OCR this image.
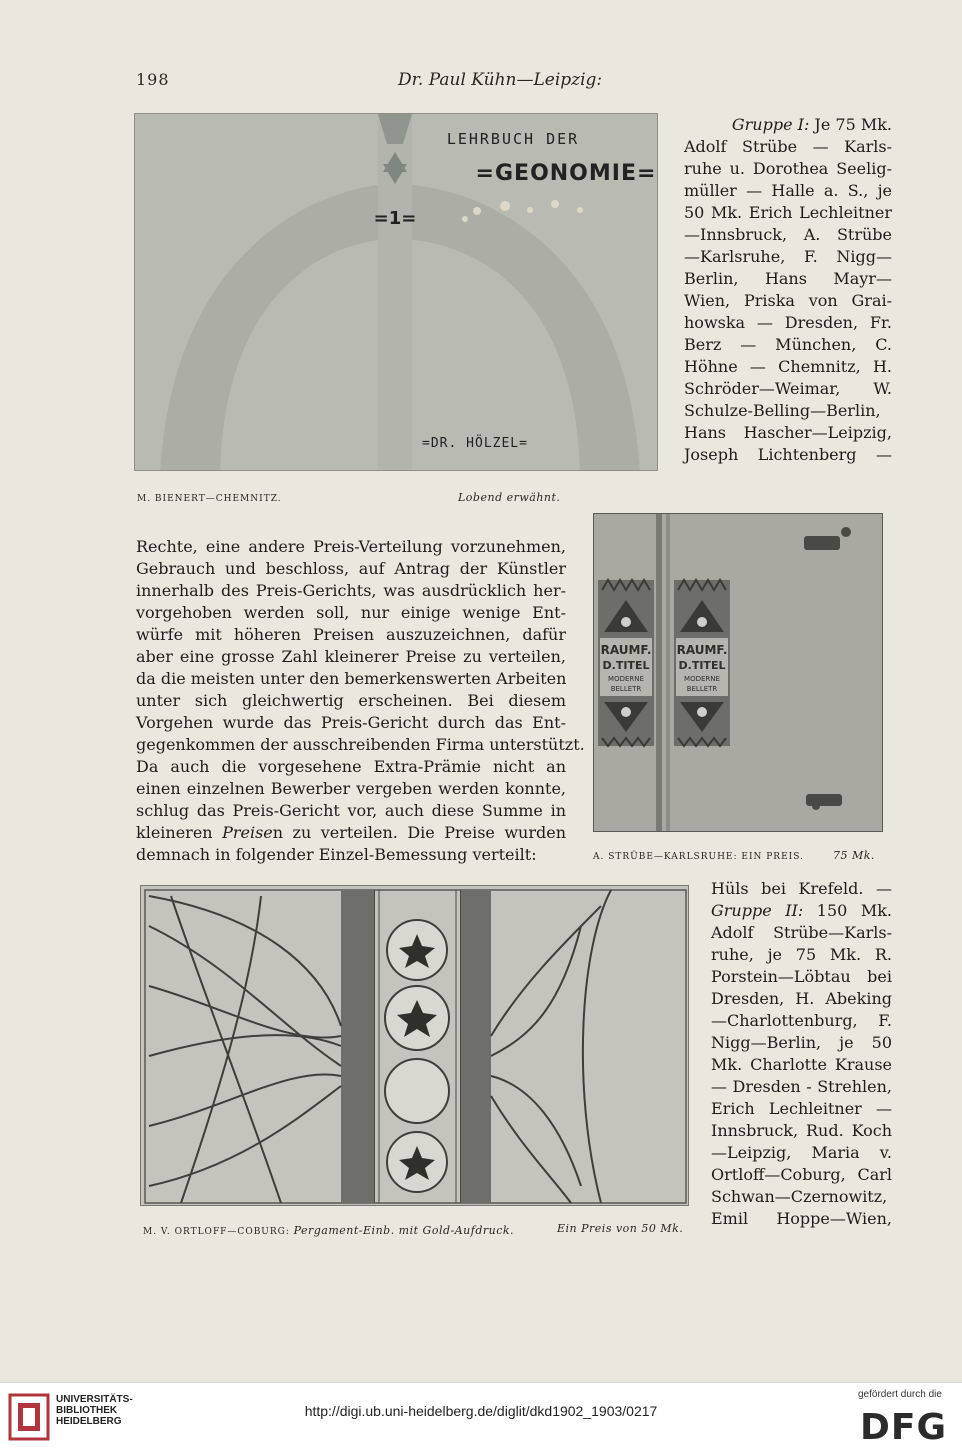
198	Dr. Paul Kühn—Leipzig:
LEHRBUCH DER
=GEONOMIE=
=1=
=DR. HÖLZEL=
M. BIENERT—CHEMNITZ.	Lobend erwähnt.

Gruppe I: Je 75 Mk.

Adolf Strübe — Karls-

ruhe u. Dorothea Seelig-

müller — Halle a. S., je

50 Mk. Erich Lechleitner

—Innsbruck, A. Strübe

—Karlsruhe, F. Nigg—

Berlin, Hans Mayr—

Wien, Priska von Grai-

howska — Dresden, Fr.

Berz — München, C.

Höhne — Chemnitz, H.

Schröder—Weimar, W.

Schulze-Belling—Berlin,

Hans Hascher—Leipzig,

Joseph Lichtenberg —

Rechte, eine andere Preis-Verteilung vorzunehmen,

Gebrauch und beschloss, auf Antrag der Künstler

innerhalb des Preis-Gerichts, was ausdrücklich her-

vorgehoben werden soll, nur einige wenige Ent-

würfe mit höheren Preisen auszuzeichnen, dafür

aber eine grosse Zahl kleinerer Preise zu verteilen,

da die meisten unter den bemerkenswerten Arbeiten

unter sich gleichwertig erscheinen. Bei diesem

Vorgehen wurde das Preis-Gericht durch das Ent-

gegenkommen der ausschreibenden Firma unterstützt.

Da auch die vorgesehene Extra-Prämie nicht an

einen einzelnen Bewerber vergeben werden konnte,

schlug das Preis-Gericht vor, auch diese Summe in

kleineren Preisen zu verteilen. Die Preise wurden

demnach in folgender Einzel-Bemessung verteilt:

RAUMF.
D.TITEL
MODERNE
BELLETR
RAUMF.
D.TITEL
MODERNE
BELLETR
A. STRÜBE—KARLSRUHE: EIN PREIS.	75 Mk.
M. V. ORTLOFF—COBURG: Pergament-Einb. mit Gold-Aufdruck.	Ein Preis von 50 Mk.

Hüls bei Krefeld. —

Gruppe II: 150 Mk.

Adolf Strübe—Karls-

ruhe, je 75 Mk. R.

Porstein—Löbtau bei

Dresden, H. Abeking

—Charlottenburg, F.

Nigg—Berlin, je 50

Mk. Charlotte Krause

— Dresden - Strehlen,

Erich Lechleitner —

Innsbruck, Rud. Koch

—Leipzig, Maria v.

Ortloff—Coburg, Carl

Schwan—Czernowitz,

Emil Hoppe—Wien,

UNIVERSITÄTS-
BIBLIOTHEK
HEIDELBERG
http://digi.ub.uni-heidelberg.de/diglit/dkd1902_1903/0217
gefördert durch die
DFG
